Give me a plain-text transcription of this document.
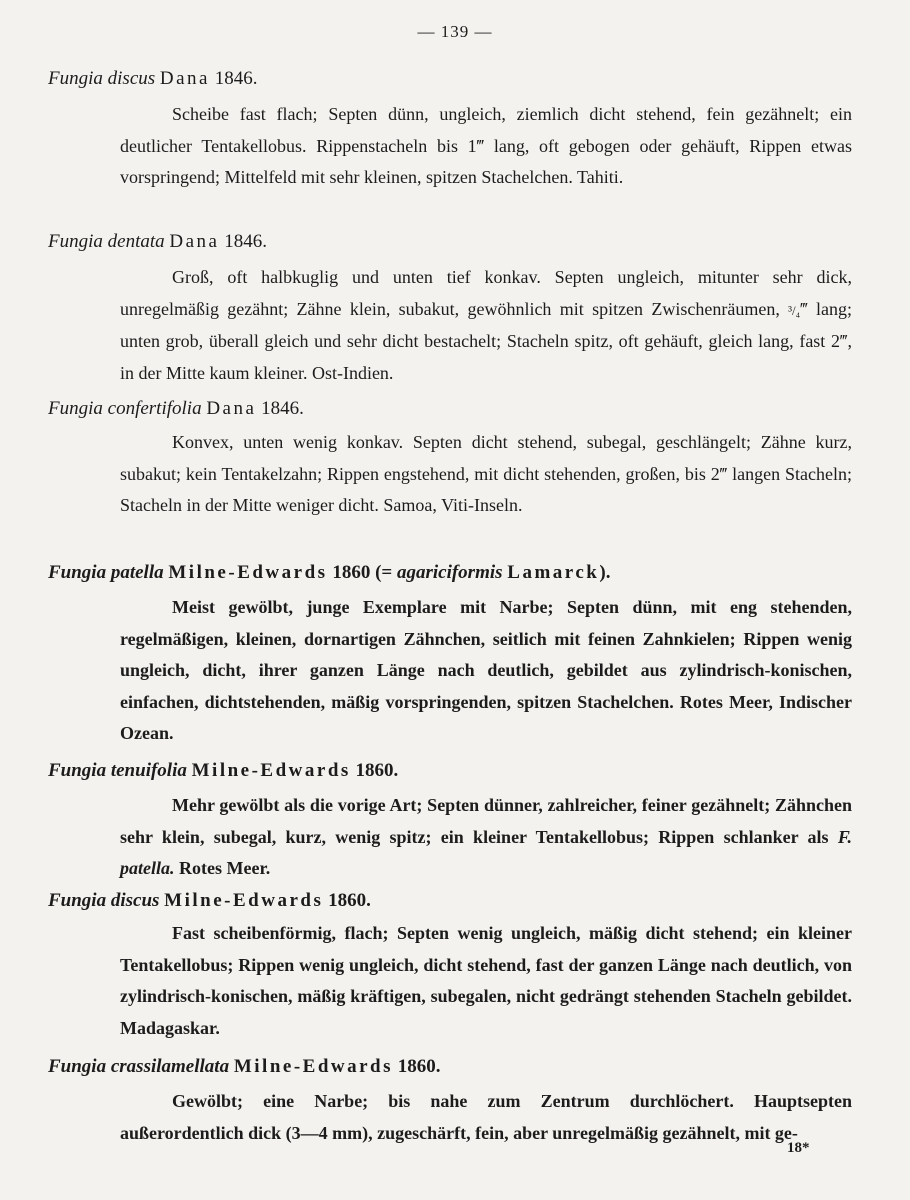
— 139 —
Fungia discus Dana 1846.
Scheibe fast flach; Septen dünn, ungleich, ziemlich dicht stehend, fein gezähnelt; ein deutlicher Tentakellobus. Rippenstacheln bis 1‴ lang, oft gebogen oder gehäuft, Rippen etwas vorspringend; Mittelfeld mit sehr kleinen, spitzen Stachelchen. Tahiti.
Fungia dentata Dana 1846.
Groß, oft halbkuglig und unten tief konkav. Septen ungleich, mitunter sehr dick, unregelmäßig gezähnt; Zähne klein, subakut, gewöhnlich mit spitzen Zwischenräumen, ³/₄‴ lang; unten grob, überall gleich und sehr dicht bestachelt; Stacheln spitz, oft gehäuft, gleich lang, fast 2‴, in der Mitte kaum kleiner. Ost-Indien.
Fungia confertifolia Dana 1846.
Konvex, unten wenig konkav. Septen dicht stehend, subegal, geschlängelt; Zähne kurz, subakut; kein Tentakelzahn; Rippen engstehend, mit dicht stehenden, großen, bis 2‴ langen Stacheln; Stacheln in der Mitte weniger dicht. Samoa, Viti-Inseln.
Fungia patella Milne-Edwards 1860 (= agariciformis Lamarck).
Meist gewölbt, junge Exemplare mit Narbe; Septen dünn, mit eng stehenden, regelmäßigen, kleinen, dornartigen Zähnchen, seitlich mit feinen Zahnkielen; Rippen wenig ungleich, dicht, ihrer ganzen Länge nach deutlich, gebildet aus zylindrisch-konischen, einfachen, dichtstehenden, mäßig vorspringenden, spitzen Stachelchen. Rotes Meer, Indischer Ozean.
Fungia tenuifolia Milne-Edwards 1860.
Mehr gewölbt als die vorige Art; Septen dünner, zahlreicher, feiner gezähnelt; Zähnchen sehr klein, subegal, kurz, wenig spitz; ein kleiner Tentakellobus; Rippen schlanker als F. patella. Rotes Meer.
Fungia discus Milne-Edwards 1860.
Fast scheibenförmig, flach; Septen wenig ungleich, mäßig dicht stehend; ein kleiner Tentakellobus; Rippen wenig ungleich, dicht stehend, fast der ganzen Länge nach deutlich, von zylindrisch-konischen, mäßig kräftigen, subegalen, nicht gedrängt stehenden Stacheln gebildet. Madagaskar.
Fungia crassilamellata Milne-Edwards 1860.
Gewölbt; eine Narbe; bis nahe zum Zentrum durchlöchert. Hauptsepten außerordentlich dick (3—4 mm), zugeschärft, fein, aber unregelmäßig gezähnelt, mit ge-
18*
